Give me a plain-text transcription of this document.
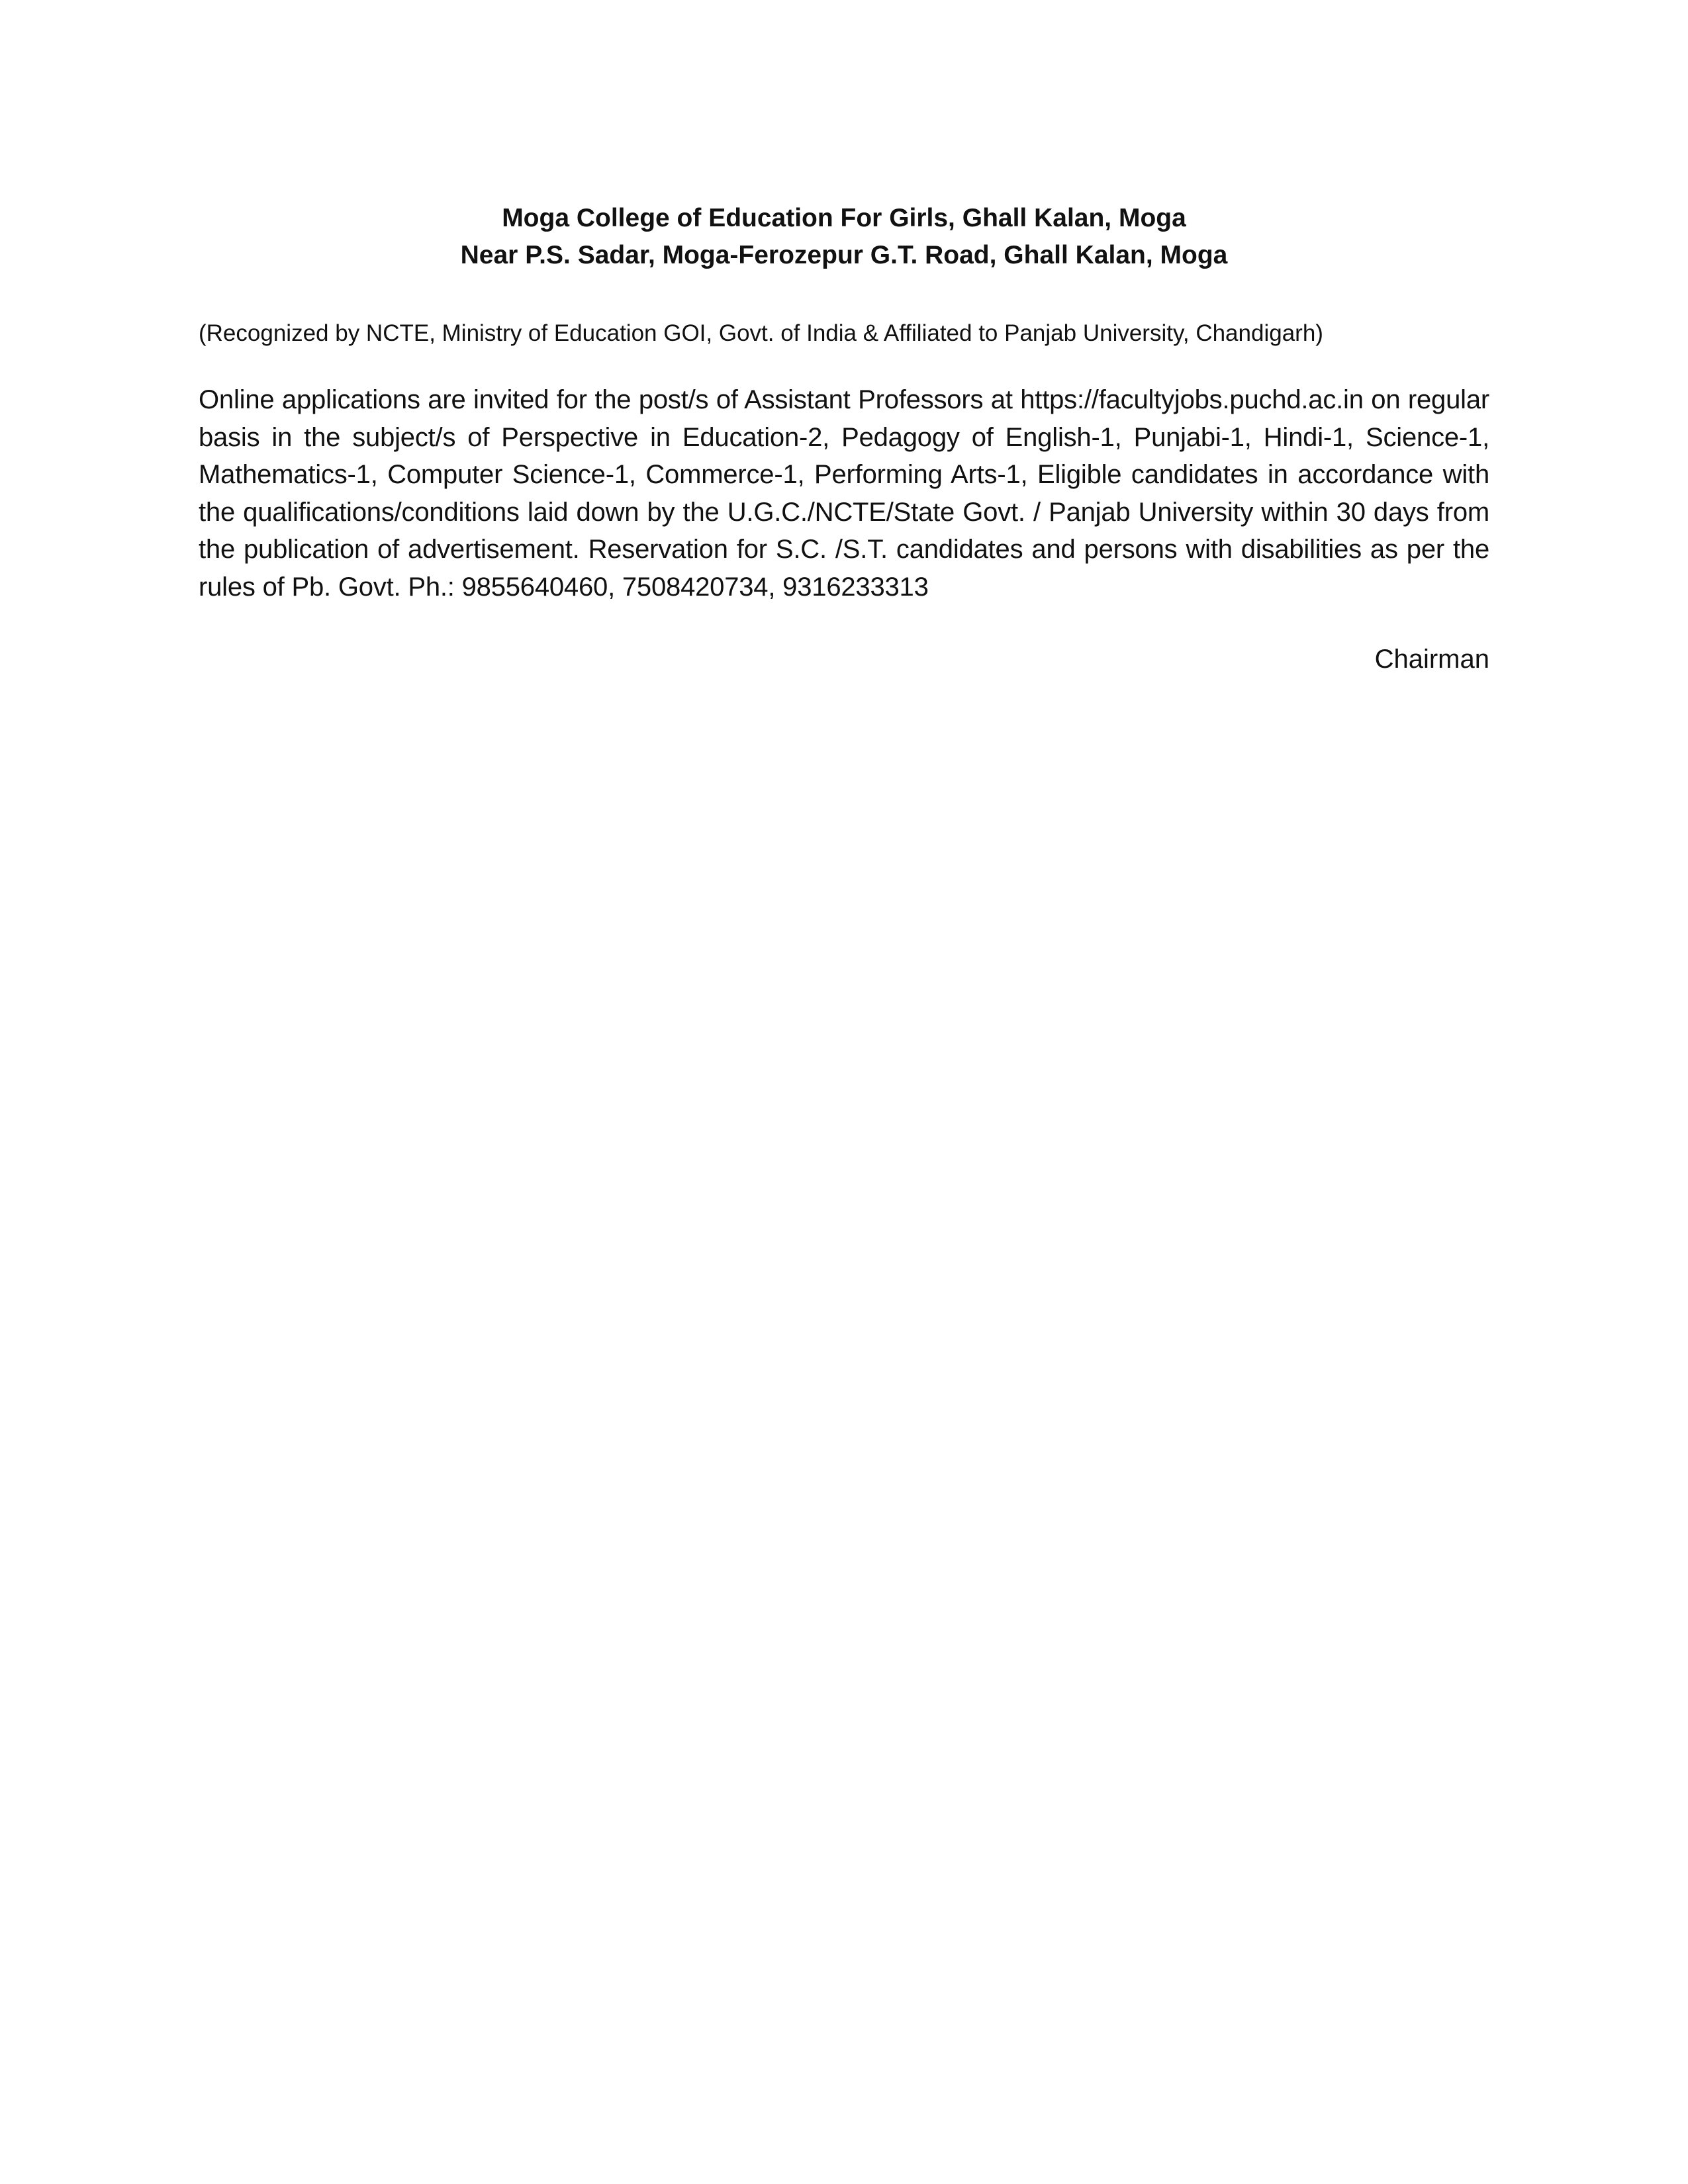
Moga College of Education For Girls, Ghall Kalan, Moga
Near P.S. Sadar, Moga-Ferozepur G.T. Road, Ghall Kalan, Moga
(Recognized by NCTE, Ministry of Education GOI, Govt. of India & Affiliated to Panjab University, Chandigarh)
Online applications are invited for the post/s of Assistant Professors at https://facultyjobs.puchd.ac.in on regular basis in the subject/s of Perspective in Education-2, Pedagogy of English-1, Punjabi-1, Hindi-1, Science-1, Mathematics-1, Computer Science-1, Commerce-1, Performing Arts-1, Eligible candidates in accordance with the qualifications/conditions laid down by the U.G.C./NCTE/State Govt. / Panjab University within 30 days from the publication of advertisement. Reservation for S.C. /S.T. candidates and persons with disabilities as per the rules of Pb. Govt. Ph.: 9855640460, 7508420734, 9316233313
Chairman
